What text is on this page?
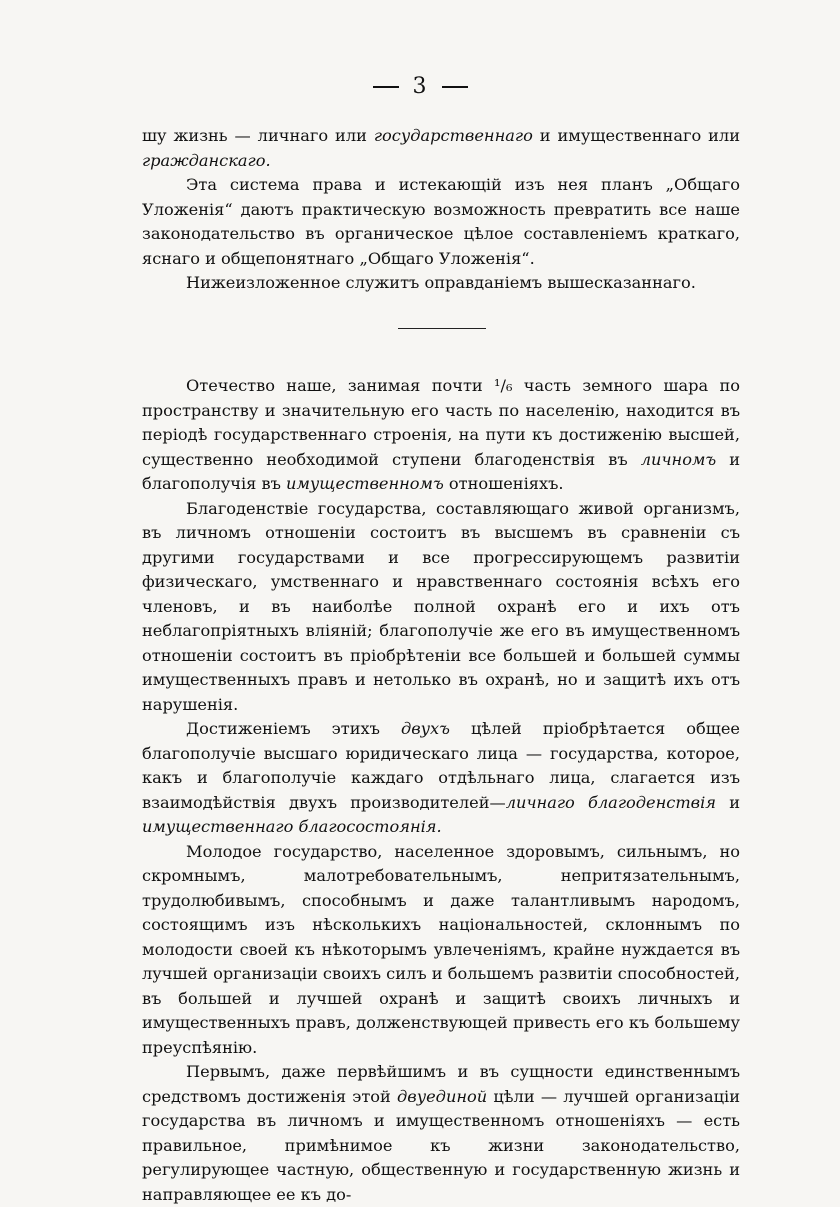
3

шу жизнь — личнаго или государственнаго и имущественнаго или гражданскаго.

Эта система права и истекающій изъ нея планъ „Общаго Уложенія“ даютъ практическую возможность превратить все наше законодательство въ органическое цѣлое составленіемъ краткаго, яснаго и общепонятнаго „Общаго Уложенія“.

Нижеизложенное служитъ оправданіемъ вышесказаннаго.

Отечество наше, занимая почти ¹/₆ часть земного шара по пространству и значительную его часть по населенію, находится въ періодѣ государственнаго строенія, на пути къ достиженію высшей, существенно необходимой ступени благоденствія въ личномъ и благополучія въ имущественномъ отношеніяхъ.

Благоденствіе государства, составляющаго живой организмъ, въ личномъ отношеніи состоитъ въ высшемъ въ сравненіи съ другими государствами и все прогрессирующемъ развитіи физическаго, умственнаго и нравственнаго состоянія всѣхъ его членовъ, и въ наиболѣе полной охранѣ его и ихъ отъ неблагопріятныхъ вліяній; благополучіе же его въ имущественномъ отношеніи состоитъ въ пріобрѣтеніи все большей и большей суммы имущественныхъ правъ и нетолько въ охранѣ, но и защитѣ ихъ отъ нарушенія.

Достиженіемъ этихъ двухъ цѣлей пріобрѣтается общее благополучіе высшаго юридическаго лица — государства, которое, какъ и благополучіе каждаго отдѣльнаго лица, слагается изъ взаимодѣйствія двухъ производителей—личнаго благоденствія и имущественнаго благосостоянія.

Молодое государство, населенное здоровымъ, сильнымъ, но скромнымъ, малотребовательнымъ, непритязательнымъ, трудолюбивымъ, способнымъ и даже талантливымъ народомъ, состоящимъ изъ нѣсколькихъ національностей, склоннымъ по молодости своей къ нѣкоторымъ увлеченіямъ, крайне нуждается въ лучшей организаціи своихъ силъ и большемъ развитіи способностей, въ большей и лучшей охранѣ и защитѣ своихъ личныхъ и имущественныхъ правъ, долженствующей привесть его къ большему преуспѣянію.

Первымъ, даже первѣйшимъ и въ сущности единственнымъ средствомъ достиженія этой двуединой цѣли — лучшей организаціи государства въ личномъ и имущественномъ отношеніяхъ — есть правильное, примѣнимое къ жизни законодательство, регулирующее частную, общественную и государственную жизнь и направляющее ее къ до-
